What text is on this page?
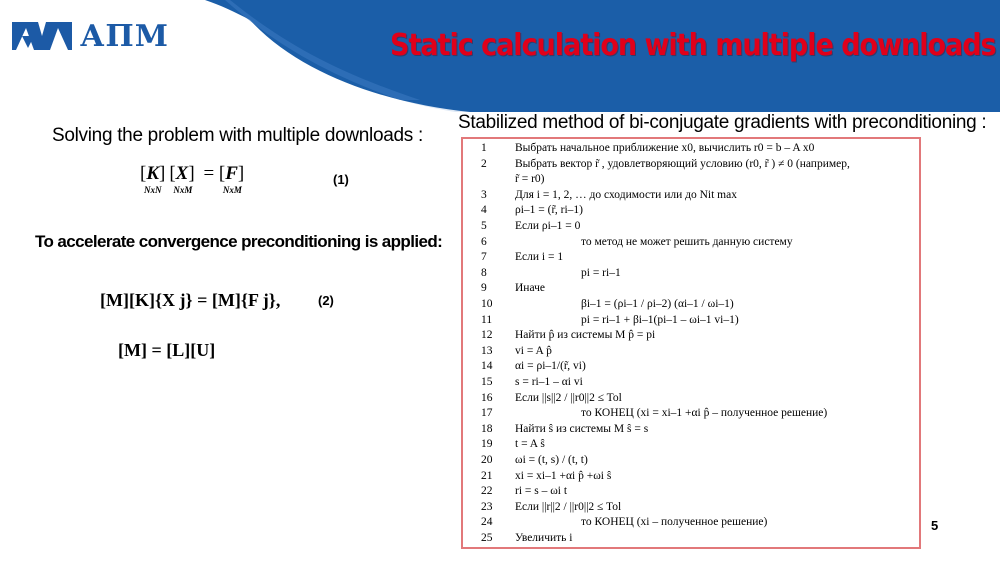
АПМ	Static calculation with multiple downloads
Stabilized method of bi-conjugate gradients with preconditioning :
Solving the problem with multiple downloads :
[K]
NxN
[X]
NxM
= [F]
NxM
(1)
To accelerate convergence preconditioning is applied:
[M][K]{X j} = [M]{F j},	(2)
[M] = [L][U]
1	Выбрать начальное приближение x0, вычислить r0 = b – A x0
2	Выбрать вектор r̃ , удовлетворяющий условию (r0, r̃ ) ≠ 0 (например,
r̃ = r0)
3	Для i = 1, 2, … до сходимости или до Nit max
4	ρi–1 = (r̃, ri–1)
5	Если ρi–1 = 0
6	то метод не может решить данную систему
7	Если i = 1
8	pi = ri–1
9	Иначе
10	βi–1 = (ρi–1 / ρi–2) (αi–1 / ωi–1)
11	pi = ri–1 + βi–1(pi–1 – ωi–1 vi–1)
12	Найти p̂ из системы M p̂ = pi
13	vi = A p̂
14	αi = ρi–1/(r̃, vi)
15	s = ri–1 – αi vi
16	Если ||s||2 / ||r0||2 ≤ Tol
17	то КОНЕЦ (xi = xi–1 +αi p̂ – полученное решение)
18	Найти ŝ из системы M ŝ = s
19	t = A ŝ
20	ωi = (t, s) / (t, t)
21	xi = xi–1 +αi p̂ +ωi ŝ
22	ri = s – ωi t
23	Если ||r||2 / ||r0||2 ≤ Tol
24	то КОНЕЦ (xi – полученное решение)
25	Увеличить i
5
